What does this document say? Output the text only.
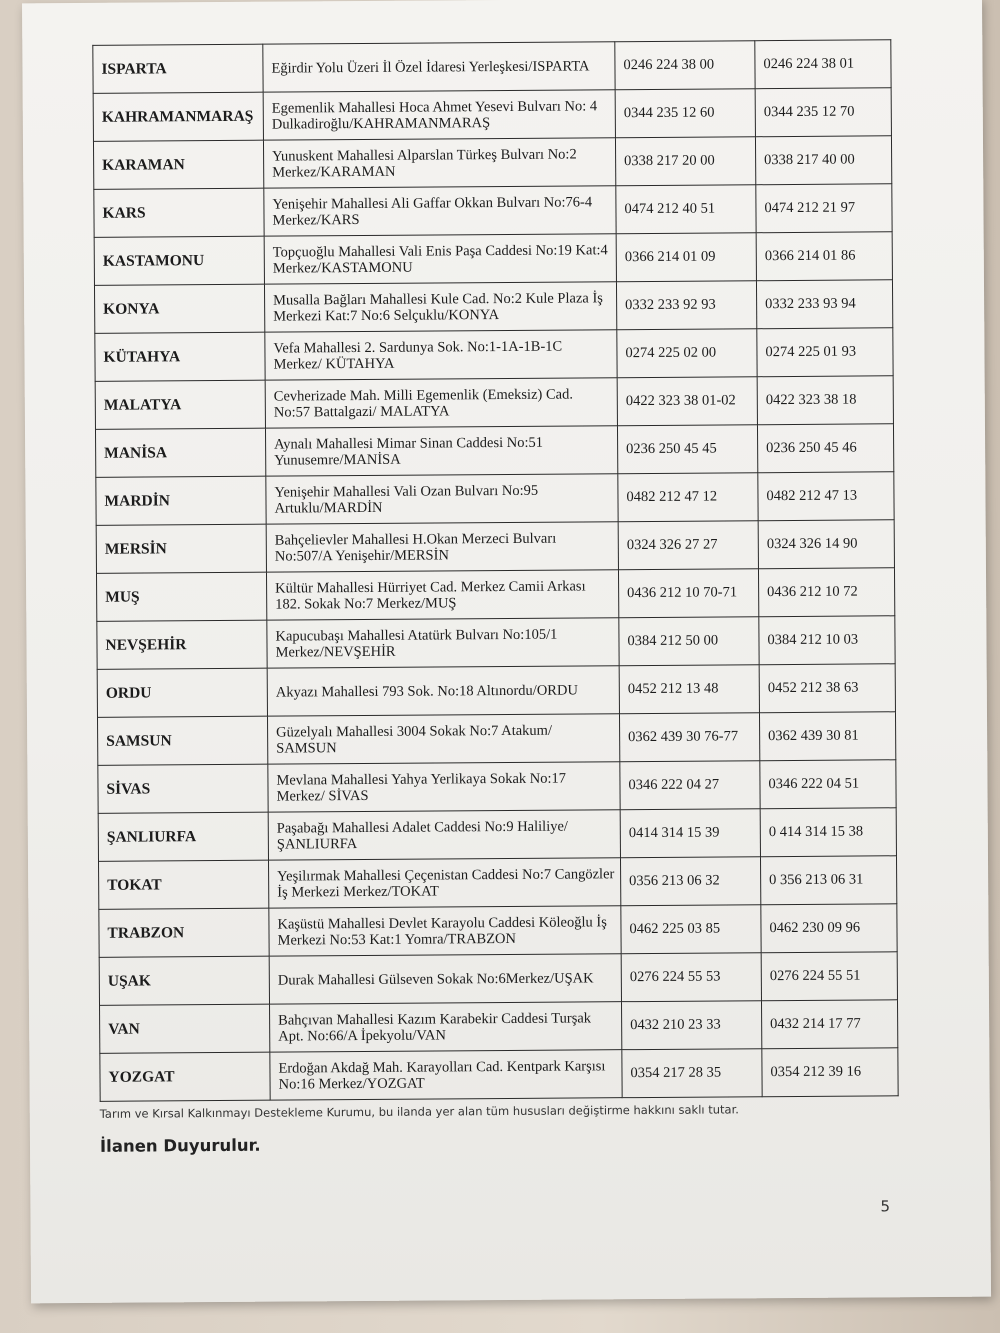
ISPARTA	Eğirdir Yolu Üzeri İl Özel İdaresi Yerleşkesi/ISPARTA	0246 224 38 00	0246 224 38 01
KAHRAMANMARAŞ	Egemenlik Mahallesi Hoca Ahmet Yesevi Bulvarı No: 4 Dulkadiroğlu/KAHRAMANMARAŞ	0344 235 12 60	0344 235 12 70
KARAMAN	Yunuskent Mahallesi Alparslan Türkeş Bulvarı No:2 Merkez/KARAMAN	0338 217 20 00	0338 217 40 00
KARS	Yenişehir Mahallesi Ali Gaffar Okkan Bulvarı No:76-4 Merkez/KARS	0474 212 40 51	0474 212 21 97
KASTAMONU	Topçuoğlu Mahallesi Vali Enis Paşa Caddesi No:19 Kat:4 Merkez/KASTAMONU	0366 214 01 09	0366 214 01 86
KONYA	Musalla Bağları Mahallesi Kule Cad. No:2 Kule Plaza İş Merkezi Kat:7 No:6 Selçuklu/KONYA	0332 233 92 93	0332 233 93 94
KÜTAHYA	Vefa Mahallesi 2. Sardunya Sok. No:1-1A-1B-1C Merkez/ KÜTAHYA	0274 225 02 00	0274 225 01 93
MALATYA	Cevherizade Mah. Milli Egemenlik (Emeksiz) Cad. No:57 Battalgazi/ MALATYA	0422 323 38 01-02	0422 323 38 18
MANİSA	Aynalı Mahallesi Mimar Sinan Caddesi No:51 Yunusemre/MANİSA	0236 250 45 45	0236 250 45 46
MARDİN	Yenişehir Mahallesi Vali Ozan Bulvarı No:95 Artuklu/MARDİN	0482 212 47 12	0482 212 47 13
MERSİN	Bahçelievler Mahallesi H.Okan Merzeci Bulvarı No:507/A Yenişehir/MERSİN	0324 326 27 27	0324 326 14 90
MUŞ	Kültür Mahallesi Hürriyet Cad. Merkez Camii Arkası 182. Sokak No:7 Merkez/MUŞ	0436 212 10 70-71	0436 212 10 72
NEVŞEHİR	Kapucubaşı Mahallesi Atatürk Bulvarı No:105/1 Merkez/NEVŞEHİR	0384 212 50 00	0384 212 10 03
ORDU	Akyazı Mahallesi 793 Sok. No:18 Altınordu/ORDU	0452 212 13 48	0452 212 38 63
SAMSUN	Güzelyalı Mahallesi 3004 Sokak No:7 Atakum/ SAMSUN	0362 439 30 76-77	0362 439 30 81
SİVAS	Mevlana Mahallesi Yahya Yerlikaya Sokak No:17 Merkez/ SİVAS	0346 222 04 27	0346 222 04 51
ŞANLIURFA	Paşabağı Mahallesi Adalet Caddesi No:9 Haliliye/ ŞANLIURFA	0414 314 15 39	0 414 314 15 38
TOKAT	Yeşilırmak Mahallesi Çeçenistan Caddesi No:7 Cangözler İş Merkezi Merkez/TOKAT	0356 213 06 32	0 356 213 06 31
TRABZON	Kaşüstü Mahallesi Devlet Karayolu Caddesi Köleoğlu İş Merkezi No:53 Kat:1 Yomra/TRABZON	0462 225 03 85	0462 230 09 96
UŞAK	Durak Mahallesi Gülseven Sokak No:6Merkez/UŞAK	0276 224 55 53	0276 224 55 51
VAN	Bahçıvan Mahallesi Kazım Karabekir Caddesi Turşak Apt. No:66/A İpekyolu/VAN	0432 210 23 33	0432 214 17 77
YOZGAT	Erdoğan Akdağ Mah. Karayolları Cad. Kentpark Karşısı No:16 Merkez/YOZGAT	0354 217 28 35	0354 212 39 16
Tarım ve Kırsal Kalkınmayı Destekleme Kurumu, bu ilanda yer alan tüm hususları değiştirme hakkını saklı tutar.
İlanen Duyurulur.
5
